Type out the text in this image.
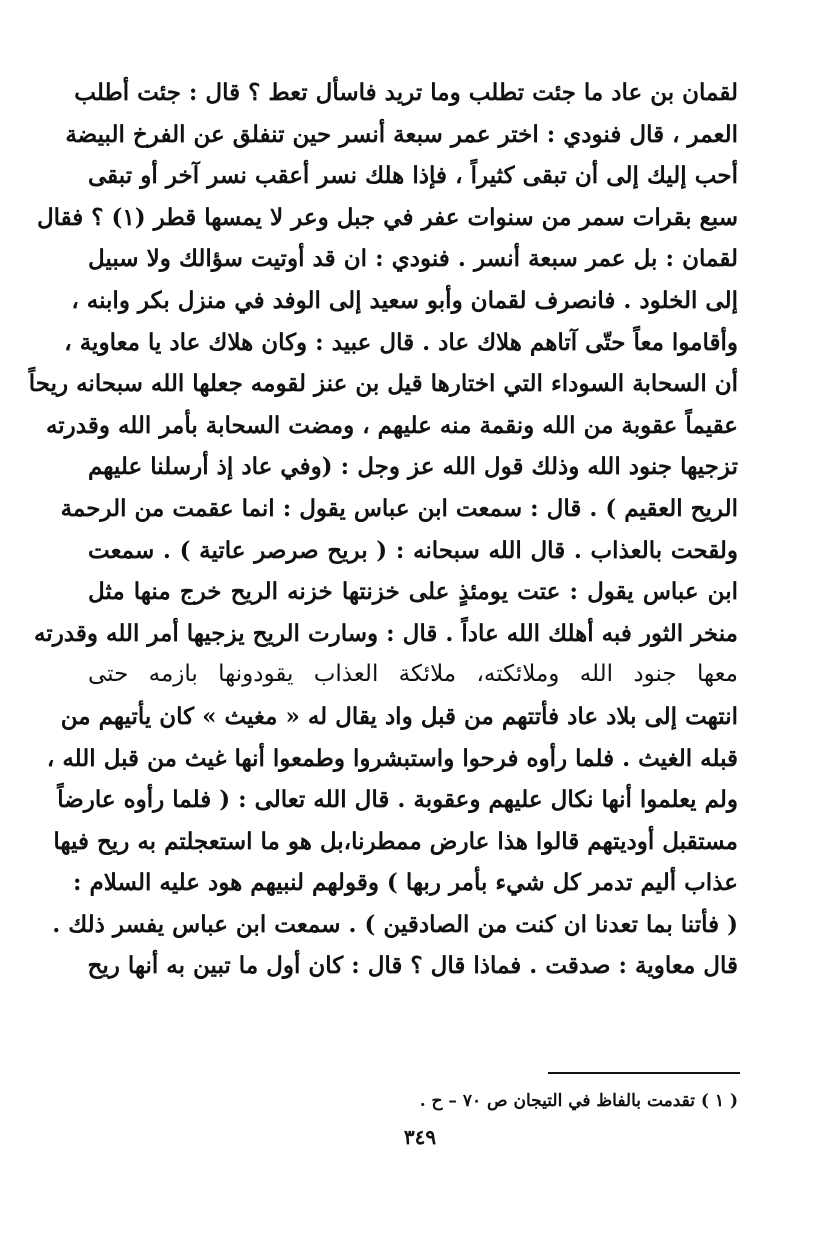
لقمان بن عاد ما جئت تطلب وما تريد فاسأل تعط ؟ قال : جئت أطلب
العمر ، قال فنودي : اختر عمر سبعة أنسر حين تنفلق عن الفرخ البيضة
أحب إليك إلى أن تبقى كثيراً ، فإذا هلك نسر أعقب نسر آخر أو تبقى
سبع بقرات سمر من سنوات عفر في جبل وعر لا يمسها قطر (١) ؟ فقال
لقمان : بل عمر سبعة أنسر . فنودي : ان قد أوتيت سؤالك ولا سبيل
إلى الخلود . فانصرف لقمان وأبو سعيد إلى الوفد في منزل بكر وابنه ،
وأقاموا معاً حتّى آتاهم هلاك عاد . قال عبيد : وكان هلاك عاد يا معاوية ،
أن السحابة السوداء التي اختارها قيل بن عنز لقومه جعلها الله سبحانه ريحاً
عقيماً عقوبة من الله ونقمة منه عليهم ، ومضت السحابة بأمر الله وقدرته
تزجيها جنود الله وذلك قول الله عز وجل : (وفي عاد إذ أرسلنا عليهم
الريح العقيم ) . قال : سمعت ابن عباس يقول : انما عقمت من الرحمة
ولقحت بالعذاب . قال الله سبحانه : ( بريح صرصر عاتية ) . سمعت
ابن عباس يقول : عتت يومئذٍ على خزنتها خزنه الريح خرج منها مثل
منخر الثور فبه أهلك الله عاداً . قال : وسارت الريح يزجيها أمر الله وقدرته
معها جنود الله وملائكته، ملائكة العذاب يقودونها بازمه حتى
انتهت إلى بلاد عاد فأتتهم من قبل واد يقال له « مغيث » كان يأتيهم من
قبله الغيث . فلما رأوه فرحوا واستبشروا وطمعوا أنها غيث من قبل الله ،
ولم يعلموا أنها نكال عليهم وعقوبة . قال الله تعالى : ( فلما رأوه عارضاً
مستقبل أوديتهم قالوا هذا عارض ممطرنا،بل هو ما استعجلتم به ريح فيها
عذاب أليم تدمر كل شيء بأمر ربها ) وقولهم لنبيهم هود عليه السلام :
( فأتنا بما تعدنا ان كنت من الصادقين ) . سمعت ابن عباس يفسر ذلك .
قال معاوية : صدقت . فماذا قال ؟ قال : كان أول ما تبين به أنها ريح
( ١ ) تقدمت بالفاظ في التيجان ص ٧٠ – ح .
٣٤٩
